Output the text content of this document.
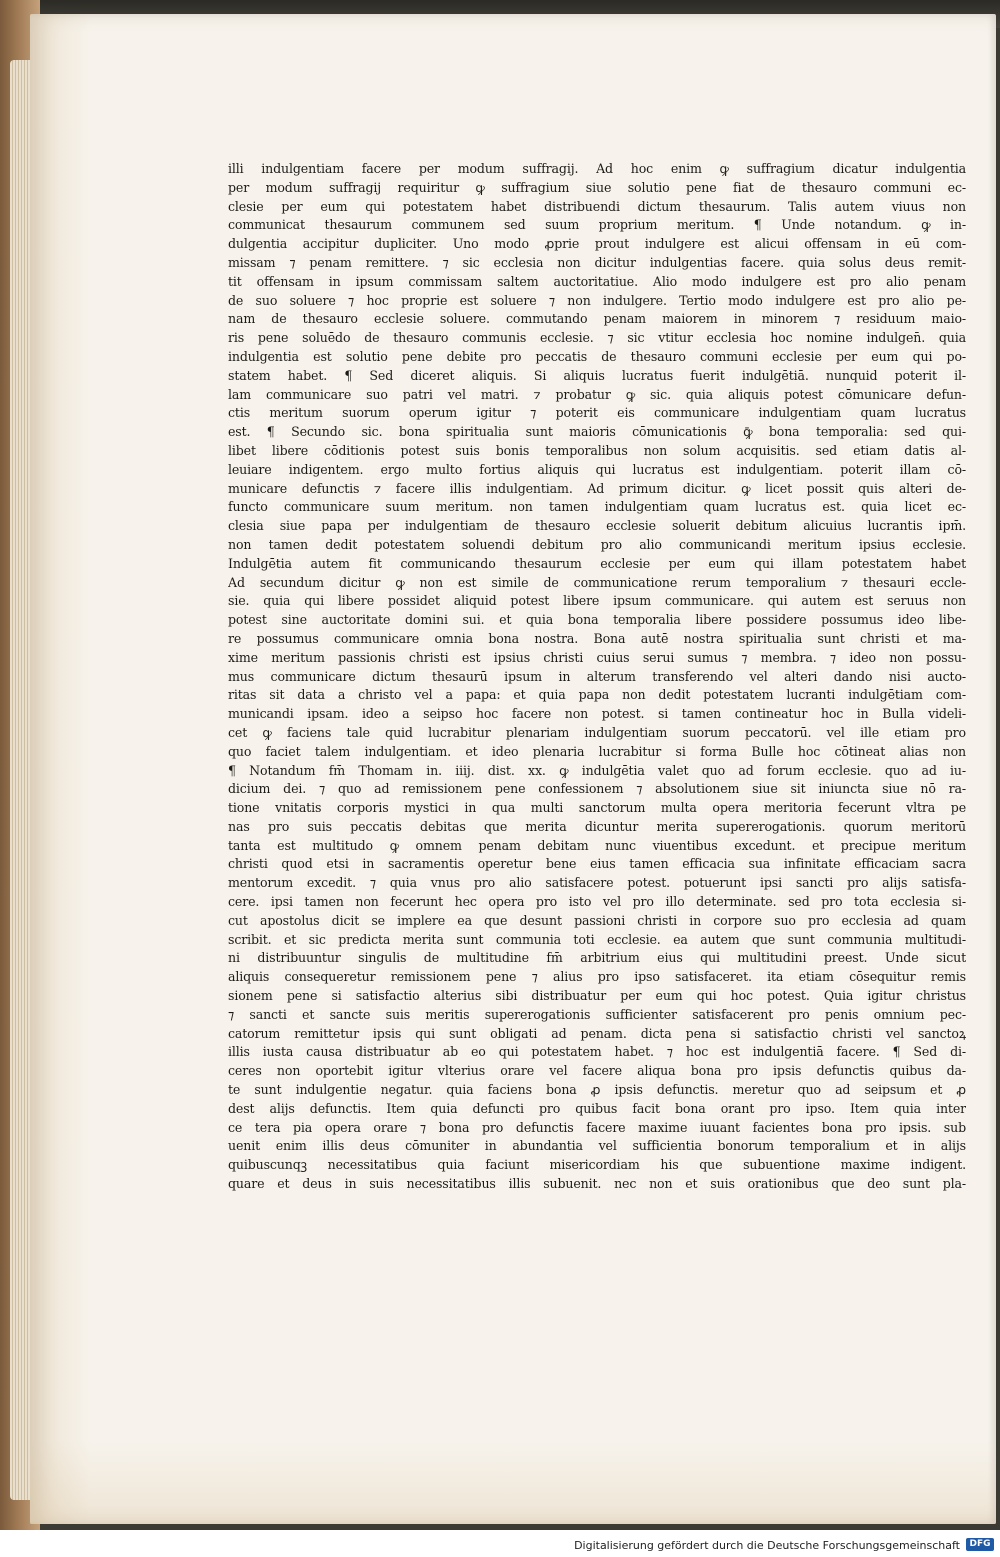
illi indulgentiam facere per modum suffragij. Ad hoc enim ꝙ suffragium dicatur indulgentia
per modum suffragij requiritur ꝙ suffragium siue solutio pene fiat de thesauro communi ec-
clesie per eum qui potestatem habet distribuendi dictum thesaurum. Talis autem viuus non
communicat thesaurum communem sed suum proprium meritum. ¶ Unde notandum. ꝙ in-
dulgentia accipitur dupliciter. Uno modo ꝓprie prout indulgere est alicui offensam in eū com-
missam ⁊ penam remittere. ⁊ sic ecclesia non dicitur indulgentias facere. quia solus deus remit-
tit offensam in ipsum commissam saltem auctoritatiue. Alio modo indulgere est pro alio penam
de suo soluere ⁊ hoc proprie est soluere ⁊ non indulgere. Tertio modo indulgere est pro alio pe-
nam de thesauro ecclesie soluere. commutando penam maiorem in minorem ⁊ residuum maio-
ris pene soluēdo de thesauro communis ecclesie. ⁊ sic vtitur ecclesia hoc nomine indulgen̄. quia
indulgentia est solutio pene debite pro peccatis de thesauro communi ecclesie per eum qui po-
statem habet. ¶ Sed diceret aliquis. Si aliquis lucratus fuerit indulgētiā. nunquid poterit il-
lam communicare suo patri vel matri. ⁊ probatur ꝙ sic. quia aliquis potest cōmunicare defun-
ctis meritum suorum operum igitur ⁊ poterit eis communicare indulgentiam quam lucratus
est. ¶ Secundo sic. bona spiritualia sunt maioris cōmunicationis ꝙ̄ bona temporalia: sed qui-
libet libere cōditionis potest suis bonis temporalibus non solum acquisitis. sed etiam datis al-
leuiare indigentem. ergo multo fortius aliquis qui lucratus est indulgentiam. poterit illam cō-
municare defunctis ⁊ facere illis indulgentiam. Ad primum dicitur. ꝙ licet possit quis alteri de-
functo communicare suum meritum. non tamen indulgentiam quam lucratus est. quia licet ec-
clesia siue papa per indulgentiam de thesauro ecclesie soluerit debitum alicuius lucrantis ipm̄.
non tamen dedit potestatem soluendi debitum pro alio communicandi meritum ipsius ecclesie.
Indulgētia autem fit communicando thesaurum ecclesie per eum qui illam potestatem habet
Ad secundum dicitur ꝙ non est simile de communicatione rerum temporalium ⁊ thesauri eccle-
sie. quia qui libere possidet aliquid potest libere ipsum communicare. qui autem est seruus non
potest sine auctoritate domini sui. et quia bona temporalia libere possidere possumus ideo libe-
re possumus communicare omnia bona nostra. Bona autē nostra spiritualia sunt christi et ma-
xime meritum passionis christi est ipsius christi cuius serui sumus ⁊ membra. ⁊ ideo non possu-
mus communicare dictum thesaurū ipsum in alterum transferendo vel alteri dando nisi aucto-
ritas sit data a christo vel a papa: et quia papa non dedit potestatem lucranti indulgētiam com-
municandi ipsam. ideo a seipso hoc facere non potest. si tamen contineatur hoc in Bulla videli-
cet ꝙ faciens tale quid lucrabitur plenariam indulgentiam suorum peccatorū. vel ille etiam pro
quo faciet talem indulgentiam. et ideo plenaria lucrabitur si forma Bulle hoc cōtineat alias non
¶ Notandum fm̄ Thomam in. iiij. dist. xx. ꝙ indulgētia valet quo ad forum ecclesie. quo ad iu-
dicium dei. ⁊ quo ad remissionem pene confessionem ⁊ absolutionem siue sit iniuncta siue nō ra-
tione vnitatis corporis mystici in qua multi sanctorum multa opera meritoria fecerunt vltra pe
nas pro suis peccatis debitas que merita dicuntur merita supererogationis. quorum meritorū
tanta est multitudo ꝙ omnem penam debitam nunc viuentibus excedunt. et precipue meritum
christi quod etsi in sacramentis operetur bene eius tamen efficacia sua infinitate efficaciam sacra
mentorum excedit. ⁊ quia vnus pro alio satisfacere potest. potuerunt ipsi sancti pro alijs satisfa-
cere. ipsi tamen non fecerunt hec opera pro isto vel pro illo determinate. sed pro tota ecclesia si-
cut apostolus dicit se implere ea que desunt passioni christi in corpore suo pro ecclesia ad quam
scribit. et sic predicta merita sunt communia toti ecclesie. ea autem que sunt communia multitudi-
ni distribuuntur singulis de multitudine fm̄ arbitrium eius qui multitudini preest. Unde sicut
aliquis consequeretur remissionem pene ⁊ alius pro ipso satisfaceret. ita etiam cōsequitur remis
sionem pene si satisfactio alterius sibi distribuatur per eum qui hoc potest. Quia igitur christus
⁊ sancti et sancte suis meritis supererogationis sufficienter satisfacerent pro penis omnium pec-
catorum remittetur ipsis qui sunt obligati ad penam. dicta pena si satisfactio christi vel sanctoꝝ
illis iusta causa distribuatur ab eo qui potestatem habet. ⁊ hoc est indulgentiā facere. ¶ Sed di-
ceres non oportebit igitur vlterius orare vel facere aliqua bona pro ipsis defunctis quibus da-
te sunt indulgentie negatur. quia faciens bona ꝓ ipsis defunctis. meretur quo ad seipsum et ꝓ
dest alijs defunctis. Item quia defuncti pro quibus facit bona orant pro ipso. Item quia inter
ce tera pia opera orare ⁊ bona pro defunctis facere maxime iuuant facientes bona pro ipsis. sub
uenit enim illis deus cōmuniter in abundantia vel sufficientia bonorum temporalium et in alijs
quibuscunqꝫ necessitatibus quia faciunt misericordiam his que subuentione maxime indigent.
quare et deus in suis necessitatibus illis subuenit. nec non et suis orationibus que deo sunt pla-
Digitalisierung gefördert durch die Deutsche Forschungsgemeinschaft	DFG
